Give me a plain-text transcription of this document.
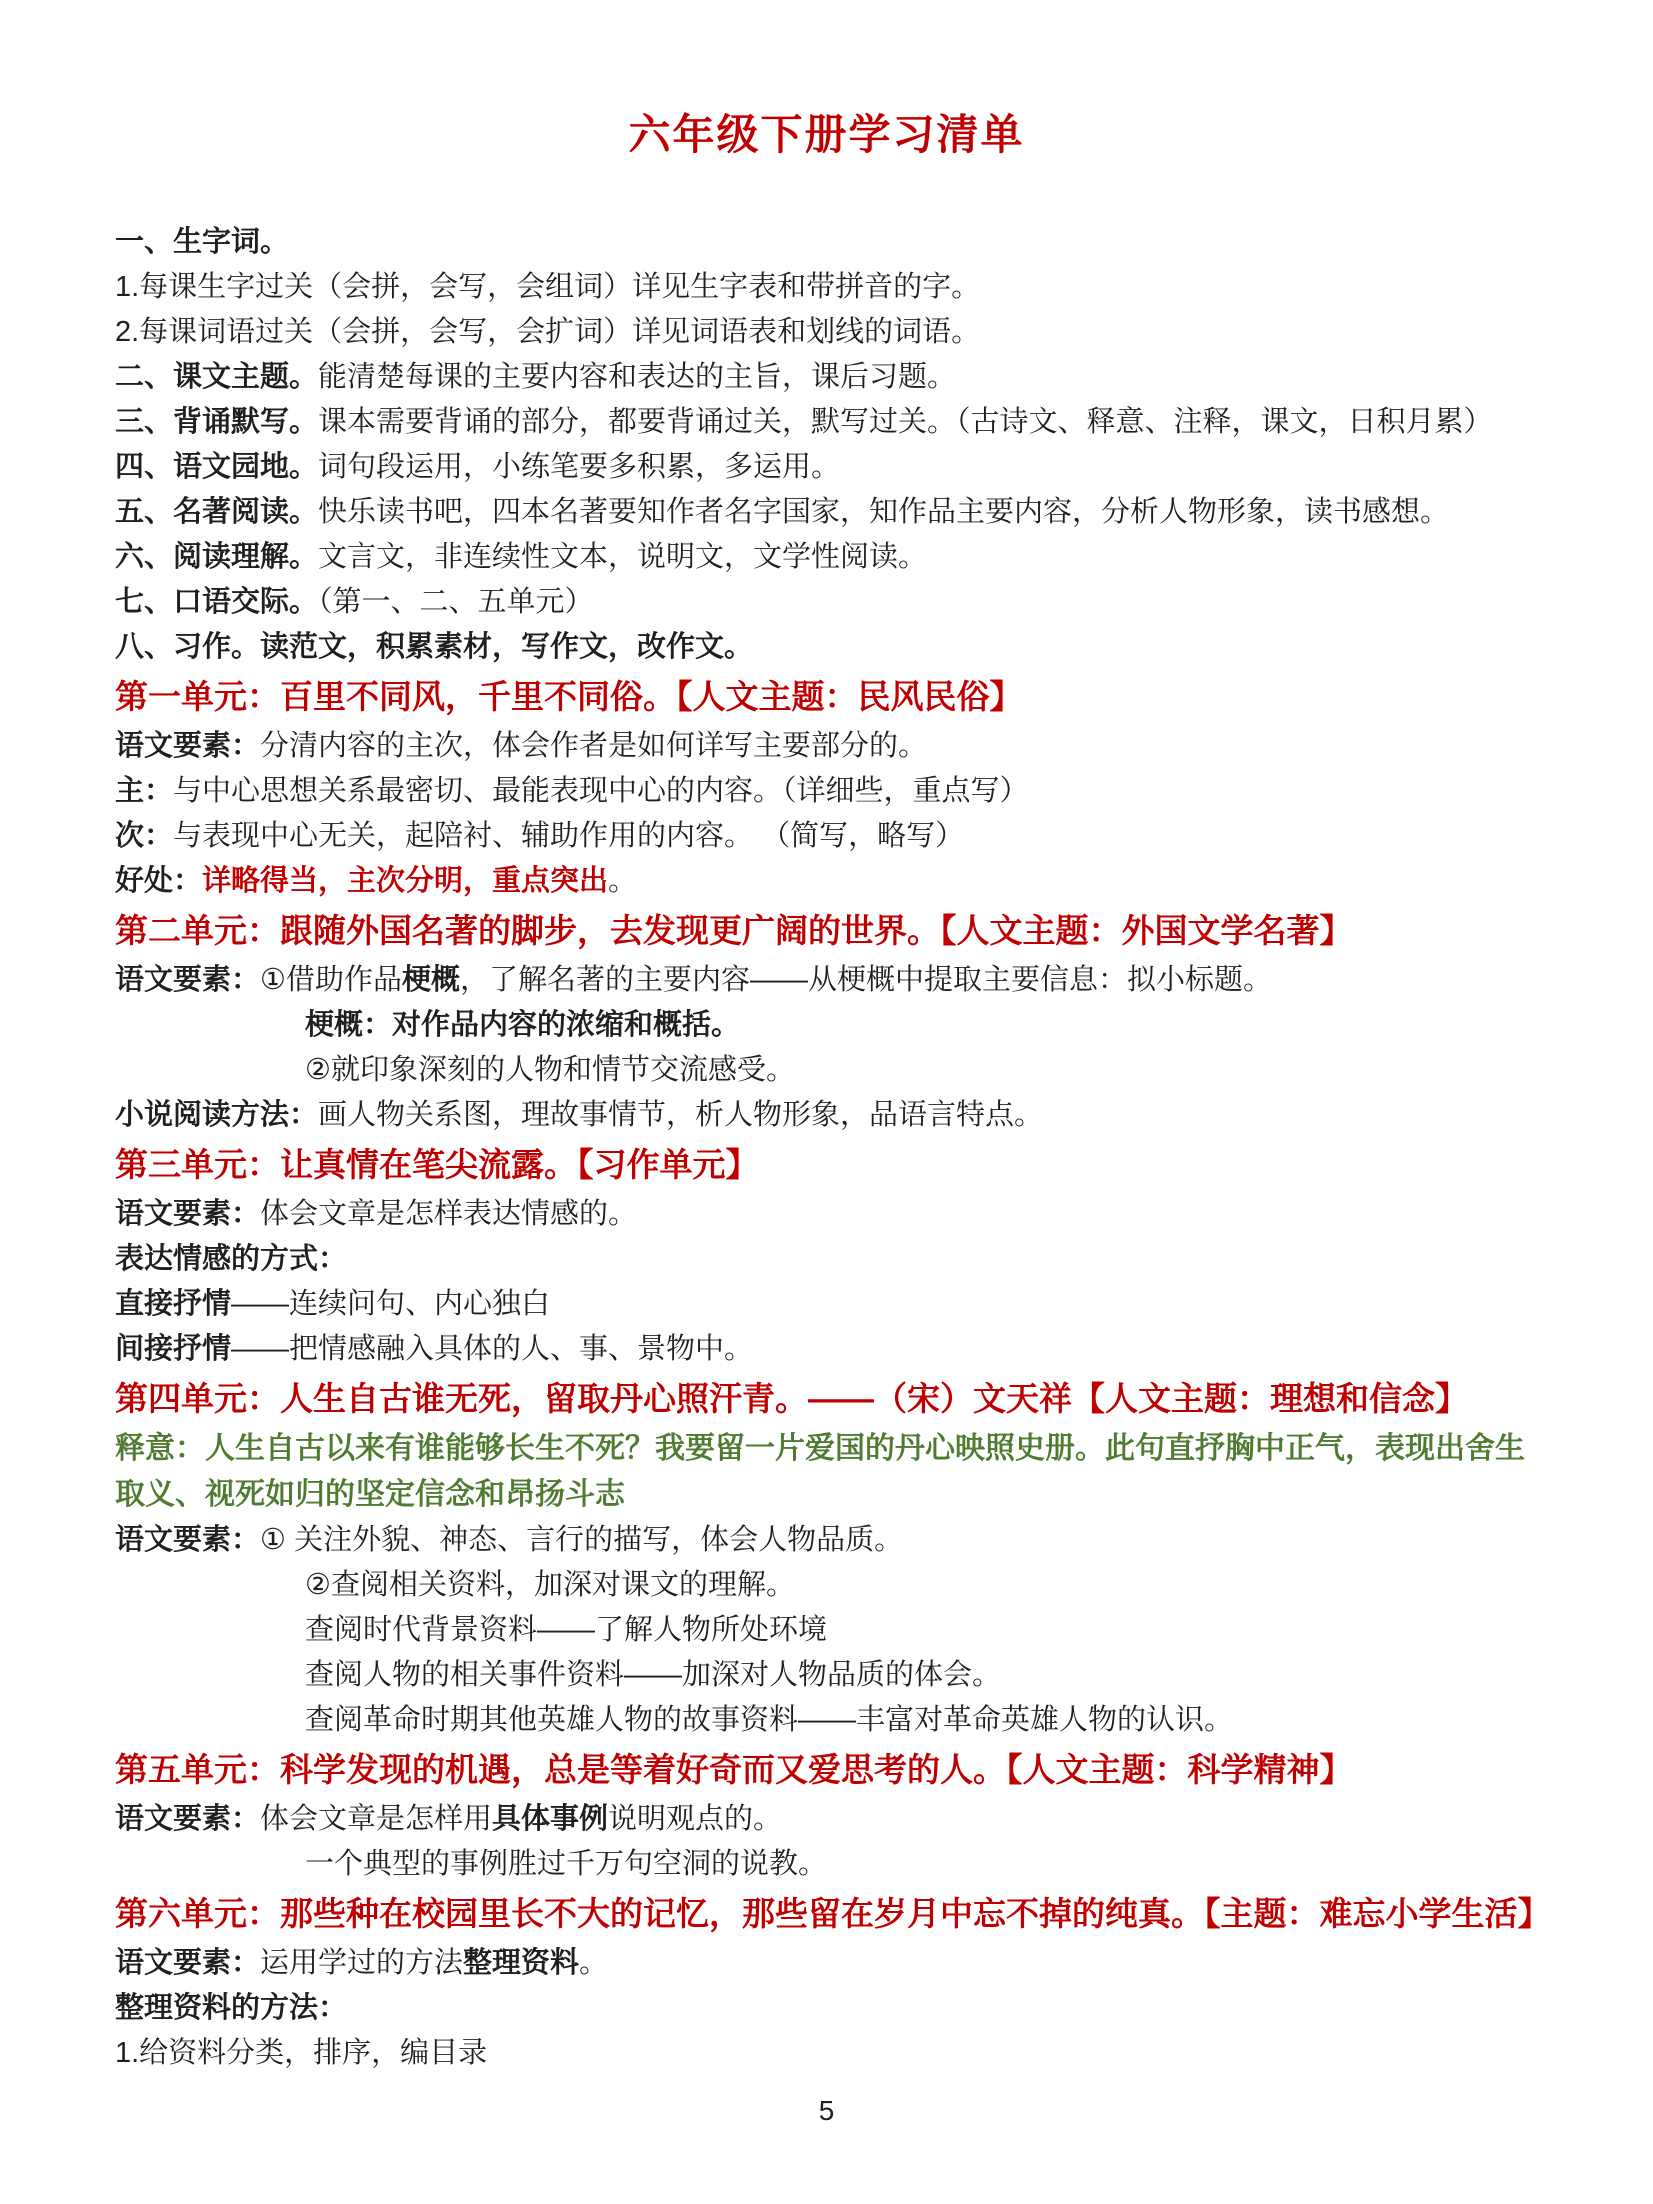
六年级下册学习清单
一、生字词。
1.每课生字过关（会拼，会写，会组词）详见生字表和带拼音的字。
2.每课词语过关（会拼，会写，会扩词）详见词语表和划线的词语。
二、课文主题。能清楚每课的主要内容和表达的主旨，课后习题。
三、背诵默写。课本需要背诵的部分，都要背诵过关，默写过关。（古诗文、释意、注释，课文，日积月累）
四、语文园地。词句段运用，小练笔要多积累，多运用。
五、名著阅读。快乐读书吧，四本名著要知作者名字国家，知作品主要内容，分析人物形象，读书感想。
六、阅读理解。文言文，非连续性文本，说明文，文学性阅读。
七、口语交际。（第一、二、五单元）
八、习作。读范文，积累素材，写作文，改作文。
第一单元：百里不同风，千里不同俗。【人文主题：民风民俗】
语文要素：分清内容的主次，体会作者是如何详写主要部分的。
主：与中心思想关系最密切、最能表现中心的内容。（详细些，重点写）
次：与表现中心无关，起陪衬、辅助作用的内容。 （简写，略写）
好处：详略得当，主次分明，重点突出。
第二单元：跟随外国名著的脚步，去发现更广阔的世界。【人文主题：外国文学名著】
语文要素：①借助作品梗概，了解名著的主要内容——从梗概中提取主要信息：拟小标题。
梗概：对作品内容的浓缩和概括。
②就印象深刻的人物和情节交流感受。
小说阅读方法：画人物关系图，理故事情节，析人物形象，品语言特点。
第三单元：让真情在笔尖流露。【习作单元】
语文要素：体会文章是怎样表达情感的。
表达情感的方式：
直接抒情——连续问句、内心独白
间接抒情——把情感融入具体的人、事、景物中。
第四单元：人生自古谁无死，留取丹心照汗青。——（宋）文天祥【人文主题：理想和信念】
释意：人生自古以来有谁能够长生不死？我要留一片爱国的丹心映照史册。此句直抒胸中正气，表现出舍生取义、视死如归的坚定信念和昂扬斗志
语文要素：① 关注外貌、神态、言行的描写，体会人物品质。
②查阅相关资料，加深对课文的理解。
查阅时代背景资料——了解人物所处环境
查阅人物的相关事件资料——加深对人物品质的体会。
查阅革命时期其他英雄人物的故事资料——丰富对革命英雄人物的认识。
第五单元：科学发现的机遇，总是等着好奇而又爱思考的人。【人文主题：科学精神】
语文要素：体会文章是怎样用具体事例说明观点的。
一个典型的事例胜过千万句空洞的说教。
第六单元：那些种在校园里长不大的记忆，那些留在岁月中忘不掉的纯真。【主题：难忘小学生活】
语文要素：运用学过的方法整理资料。
整理资料的方法：
1.给资料分类，排序，编目录
5
